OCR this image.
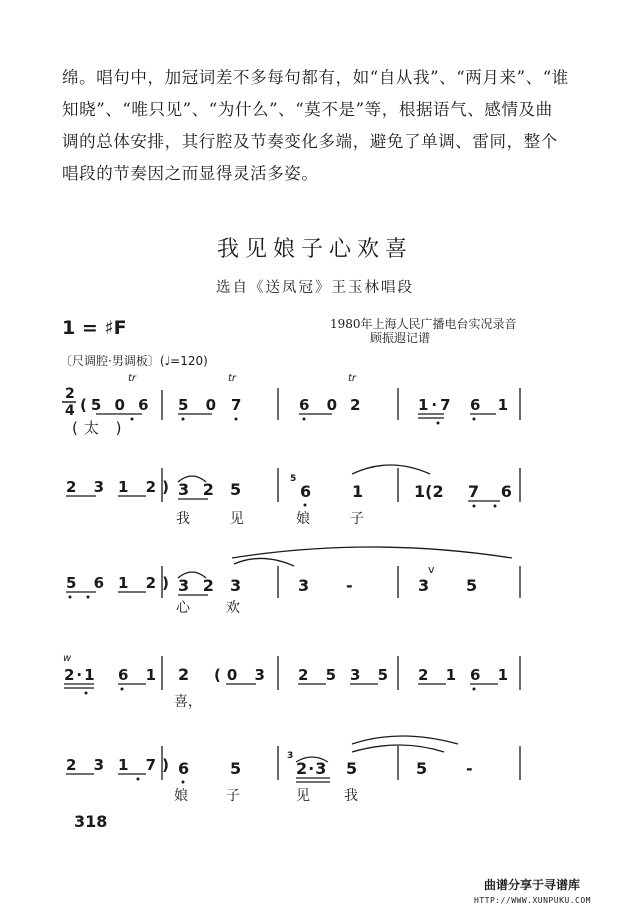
绵。唱句中，加冠词差不多每句都有，如“自从我”、“两月来”、“谁
知晓”、“唯只见”、“为什么”、“莫不是”等，根据语气、感情及曲
调的总体安排，其行腔及节奏变化多端，避免了单调、雷同，整个
唱段的节奏因之而显得灵活多姿。
我见娘子心欢喜
选自《送凤冠》王玉林唱段
1 = ♯F	1980年上海人民广播电台实况录音
顾振遐记谱
〔尺调腔·男调板〕(♩=120)
2
4 (5 0 6
(太 )
tr
5 0 7
tr
6 0 2
tr
1·7 6 1
2 3 1 2) 3 2 5
5
6	1	1(2 7 6
我	见	娘	子
5 6 1 2) 3 2 3	3 -	3
v
5
心	欢
w
2·1 6 1 2 (0 3 2 5 3 5 2 1 6 1
喜，
2 3 1 7) 6	5
3
2·3 5	5 -
娘	子	见 我
318
曲谱分享于寻谱库
HTTP://WWW.XUNPUKU.COM
